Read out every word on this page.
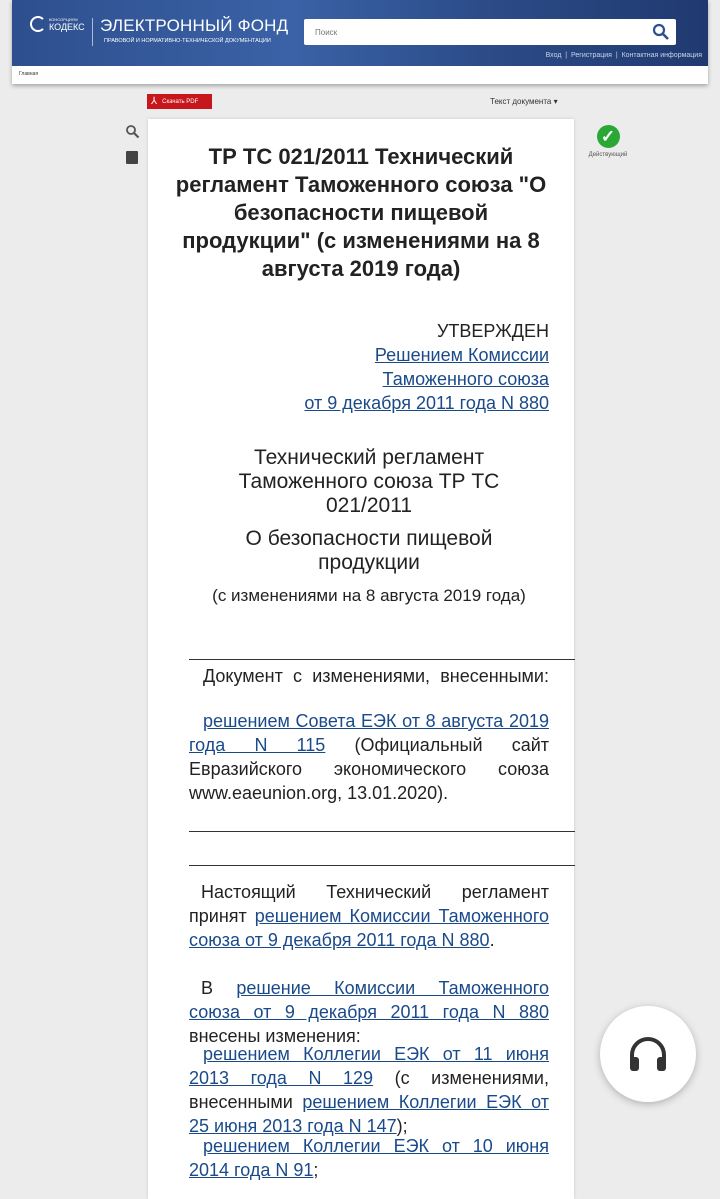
КОНСОРЦИУМ
КОДЕКС ЭЛЕКТРОННЫЙ ФОНД
ПРАВОВОЙ И НОРМАТИВНО-ТЕХНИЧЕСКОЙ ДОКУМЕНТАЦИИ
Поиск
Вход  |  Регистрация  |  Контактная информация
Главная
⅄ Скачать PDF	Текст документа ▾
✓
Действующий
ТР ТС 021/2011 Технический регламент Таможенного союза "О безопасности пищевой продукции" (с изменениями на 8 августа 2019 года)
УТВЕРЖДЕН
Решением Комиссии
Таможенного союза
от 9 декабря 2011 года N 880
Технический регламент Таможенного союза ТР ТС 021/2011
О безопасности пищевой продукции
(с изменениями на 8 августа 2019 года)
Документ с изменениями, внесенными:
решением Совета ЕЭК от 8 августа 2019 года N 115 (Официальный сайт Евразийского экономического союза www.eaeunion.org, 13.01.2020).
Настоящий Технический регламент принят решением Комиссии Таможенного союза от 9 декабря 2011 года N 880.
В решение Комиссии Таможенного союза от 9 декабря 2011 года N 880 внесены изменения:
решением Коллегии ЕЭК от 11 июня 2013 года N 129 (с изменениями, внесенными решением Коллегии ЕЭК от 25 июня 2013 года N 147);
решением Коллегии ЕЭК от 10 июня 2014 года N 91;
